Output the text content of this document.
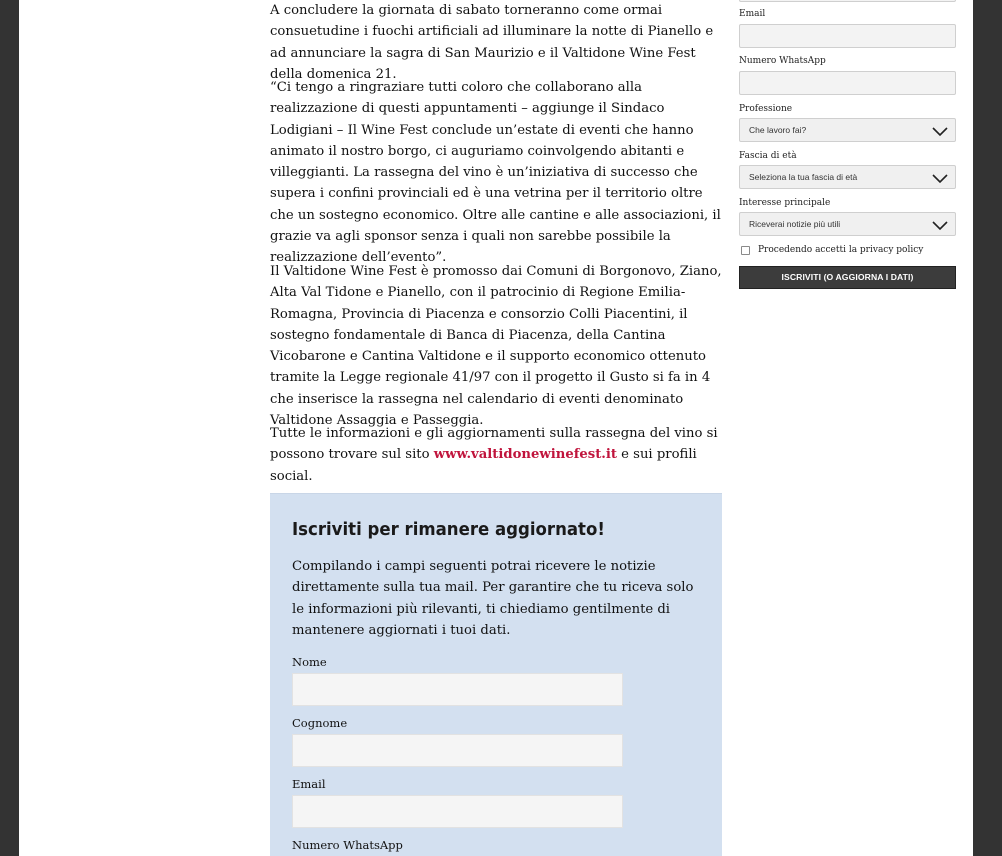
A concludere la giornata di sabato torneranno come ormai consuetudine i fuochi artificiali ad illuminare la notte di Pianello e ad annunciare la sagra di San Maurizio e il Valtidone Wine Fest della domenica 21.

“Ci tengo a ringraziare tutti coloro che collaborano alla realizzazione di questi appuntamenti – aggiunge il Sindaco Lodigiani – Il Wine Fest conclude un’estate di eventi che hanno animato il nostro borgo, ci auguriamo coinvolgendo abitanti e villeggianti. La rassegna del vino è un’iniziativa di successo che supera i confini provinciali ed è una vetrina per il territorio oltre che un sostegno economico. Oltre alle cantine e alle associazioni, il grazie va agli sponsor senza i quali non sarebbe possibile la realizzazione dell’evento”.

Il Valtidone Wine Fest è promosso dai Comuni di Borgonovo, Ziano, Alta Val Tidone e Pianello, con il patrocinio di Regione Emilia-Romagna, Provincia di Piacenza e consorzio Colli Piacentini, il sostegno fondamentale di Banca di Piacenza, della Cantina Vicobarone e Cantina Valtidone e il supporto economico ottenuto tramite la Legge regionale 41/97 con il progetto il Gusto si fa in 4 che inserisce la rassegna nel calendario di eventi denominato Valtidone Assaggia e Passeggia.

Tutte le informazioni e gli aggiornamenti sulla rassegna del vino si possono trovare sul sito www.valtidonewinefest.it e sui profili social.

Iscriviti per rimanere aggiornato!
Compilando i campi seguenti potrai ricevere le notizie direttamente sulla tua mail. Per garantire che tu riceva solo le informazioni più rilevanti, ti chiediamo gentilmente di mantenere aggiornati i tuoi dati.
Nome
Cognome
Email
Numero WhatsApp
Email
Numero WhatsApp
Professione
Che lavoro fai?
Fascia di età
Seleziona la tua fascia di età
Interesse principale
Riceverai notizie più utili
Procedendo accetti la privacy policy
ISCRIVITI (O AGGIORNA I DATI)
